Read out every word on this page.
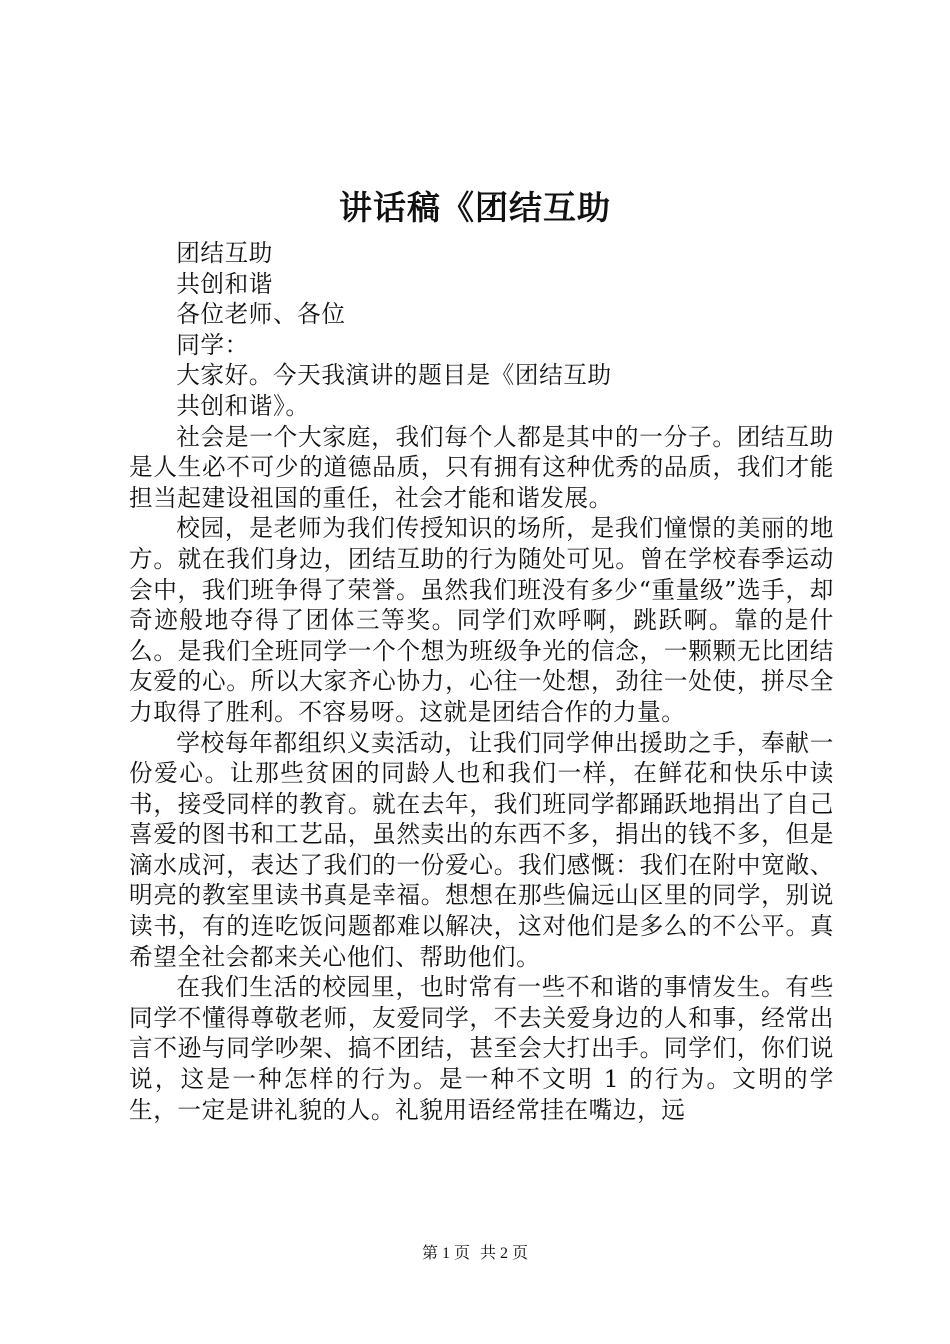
讲话稿《团结互助

团结互助

共创和谐

各位老师、各位

同学：

大家好。今天我演讲的题目是《团结互助

共创和谐》。

社会是一个大家庭，我们每个人都是其中的一分子。团结互助是人生必不可少的道德品质，只有拥有这种优秀的品质，我们才能担当起建设祖国的重任，社会才能和谐发展。

校园，是老师为我们传授知识的场所，是我们憧憬的美丽的地方。就在我们身边，团结互助的行为随处可见。曾在学校春季运动会中，我们班争得了荣誉。虽然我们班没有多少“重量级”选手，却奇迹般地夺得了团体三等奖。同学们欢呼啊，跳跃啊。靠的是什么。是我们全班同学一个个想为班级争光的信念，一颗颗无比团结友爱的心。所以大家齐心协力，心往一处想，劲往一处使，拼尽全力取得了胜利。不容易呀。这就是团结合作的力量。

学校每年都组织义卖活动，让我们同学伸出援助之手，奉献一份爱心。让那些贫困的同龄人也和我们一样，在鲜花和快乐中读书，接受同样的教育。就在去年，我们班同学都踊跃地捐出了自己喜爱的图书和工艺品，虽然卖出的东西不多，捐出的钱不多，但是滴水成河，表达了我们的一份爱心。我们感慨：我们在附中宽敞、明亮的教室里读书真是幸福。想想在那些偏远山区里的同学，别说读书，有的连吃饭问题都难以解决，这对他们是多么的不公平。真希望全社会都来关心他们、帮助他们。

在我们生活的校园里，也时常有一些不和谐的事情发生。有些同学不懂得尊敬老师，友爱同学，不去关爱身边的人和事，经常出言不逊与同学吵架、搞不团结，甚至会大打出手。同学们，你们说说，这是一种怎样的行为。是一种不文明 1 的行为。文明的学生，一定是讲礼貌的人。礼貌用语经常挂在嘴边，远

第 1 页 共 2 页
